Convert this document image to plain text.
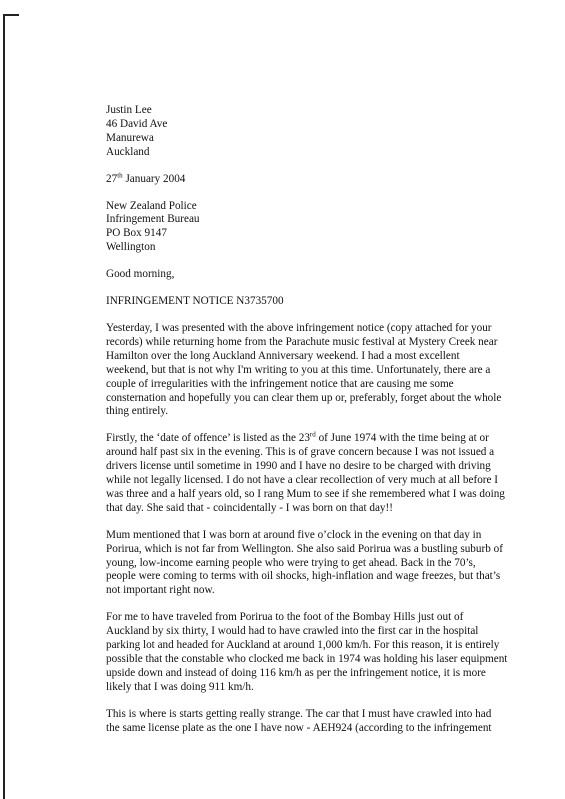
Justin Lee
46 David Ave
Manurewa
Auckland
27th January 2004
New Zealand Police
Infringement Bureau
PO Box 9147
Wellington
Good morning,
INFRINGEMENT NOTICE N3735700
Yesterday, I was presented with the above infringement notice (copy attached for your
records) while returning home from the Parachute music festival at Mystery Creek near
Hamilton over the long Auckland Anniversary weekend. I had a most excellent
weekend, but that is not why I'm writing to you at this time. Unfortunately, there are a
couple of irregularities with the infringement notice that are causing me some
consternation and hopefully you can clear them up or, preferably, forget about the whole
thing entirely.
Firstly, the ‘date of offence’ is listed as the 23rd of June 1974 with the time being at or
around half past six in the evening. This is of grave concern because I was not issued a
drivers license until sometime in 1990 and I have no desire to be charged with driving
while not legally licensed. I do not have a clear recollection of very much at all before I
was three and a half years old, so I rang Mum to see if she remembered what I was doing
that day. She said that - coincidentally - I was born on that day!!
Mum mentioned that I was born at around five o’clock in the evening on that day in
Porirua, which is not far from Wellington. She also said Porirua was a bustling suburb of
young, low-income earning people who were trying to get ahead. Back in the 70’s,
people were coming to terms with oil shocks, high-inflation and wage freezes, but that’s
not important right now.
For me to have traveled from Porirua to the foot of the Bombay Hills just out of
Auckland by six thirty, I would had to have crawled into the first car in the hospital
parking lot and headed for Auckland at around 1,000 km/h. For this reason, it is entirely
possible that the constable who clocked me back in 1974 was holding his laser equipment
upside down and instead of doing 116 km/h as per the infringement notice, it is more
likely that I was doing 911 km/h.
This is where is starts getting really strange. The car that I must have crawled into had
the same license plate as the one I have now - AEH924 (according to the infringement
